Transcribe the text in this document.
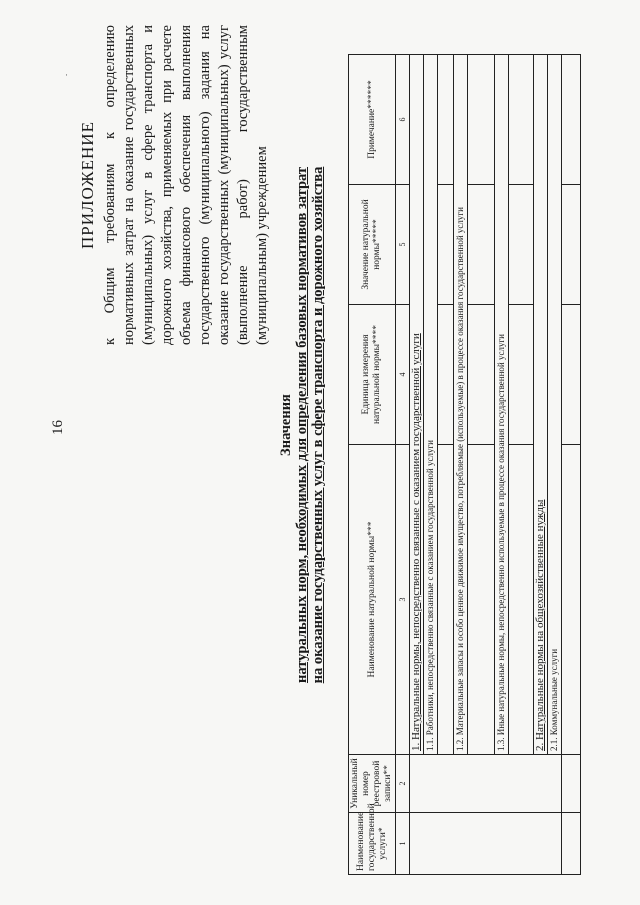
·
16
ПРИЛОЖЕНИЕ к Общим требованиям к определению нормативных затрат на оказание государственных (муниципальных) услуг в сфере транспорта и дорожного хозяйства, применяемых при расчете объема финансового обеспечения выполнения государственного (муниципального) задания на оказание государственных (муниципальных) услуг (выполнение работ) государственным (муниципальным) учреждением
Значения натуральных норм, необходимых для определения базовых нормативов затрат на оказание государственных услуг в сфере транспорта и дорожного хозяйства
Наименование государственной услуги*	Уникальный номер реестровой записи**	Наименование натуральной нормы***	Единица измерения натуральной нормы****	Значение натуральной нормы*****	Примечание******
1	2	3	4	5	6
		1. Натуральные нормы, непосредственно связанные с оказанием государственной услуги			
		1.1. Работники, непосредственно связанные с оказанием государственной услуги			

		1.2. Материальные запасы и особо ценное движимое имущество, потребляемые (используемые) в процессе оказания государственной услуги			

		1.3. Иные натуральные нормы, непосредственно используемые в процессе оказания государственной услуги			

		2. Натуральные нормы на общехозяйственные нужды			
		2.1. Коммунальные услуги			
